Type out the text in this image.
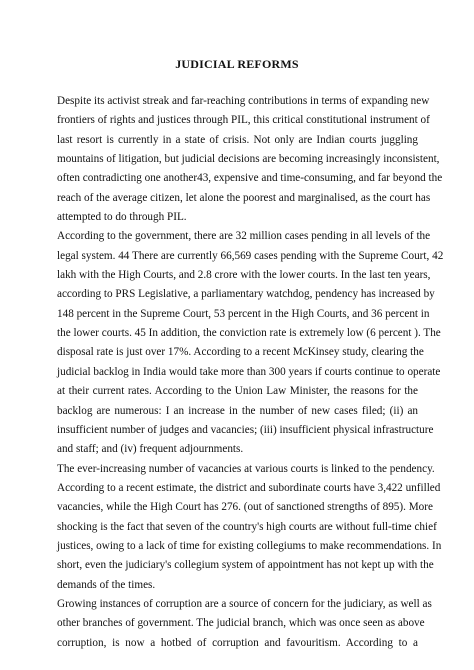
JUDICIAL REFORMS
Despite its activist streak and far-reaching contributions in terms of expanding new
frontiers of rights and justices through PIL, this critical constitutional instrument of
last resort is currently in a state of crisis. Not only are Indian courts juggling
mountains of litigation, but judicial decisions are becoming increasingly inconsistent,
often contradicting one another43, expensive and time-consuming, and far beyond the
reach of the average citizen, let alone the poorest and marginalised, as the court has
attempted to do through PIL.
According to the government, there are 32 million cases pending in all levels of the
legal system. 44 There are currently 66,569 cases pending with the Supreme Court, 42
lakh with the High Courts, and 2.8 crore with the lower courts. In the last ten years,
according to PRS Legislative, a parliamentary watchdog, pendency has increased by
148 percent in the Supreme Court, 53 percent in the High Courts, and 36 percent in
the lower courts. 45 In addition, the conviction rate is extremely low (6 percent ). The
disposal rate is just over 17%. According to a recent McKinsey study, clearing the
judicial backlog in India would take more than 300 years if courts continue to operate
at their current rates. According to the Union Law Minister, the reasons for the
backlog are numerous: I an increase in the number of new cases filed; (ii) an
insufficient number of judges and vacancies; (iii) insufficient physical infrastructure
and staff; and (iv) frequent adjournments.
The ever-increasing number of vacancies at various courts is linked to the pendency.
According to a recent estimate, the district and subordinate courts have 3,422 unfilled
vacancies, while the High Court has 276. (out of sanctioned strengths of 895). More
shocking is the fact that seven of the country's high courts are without full-time chief
justices, owing to a lack of time for existing collegiums to make recommendations. In
short, even the judiciary's collegium system of appointment has not kept up with the
demands of the times.
Growing instances of corruption are a source of concern for the judiciary, as well as
other branches of government. The judicial branch, which was once seen as above
corruption, is now a hotbed of corruption and favouritism. According to a
